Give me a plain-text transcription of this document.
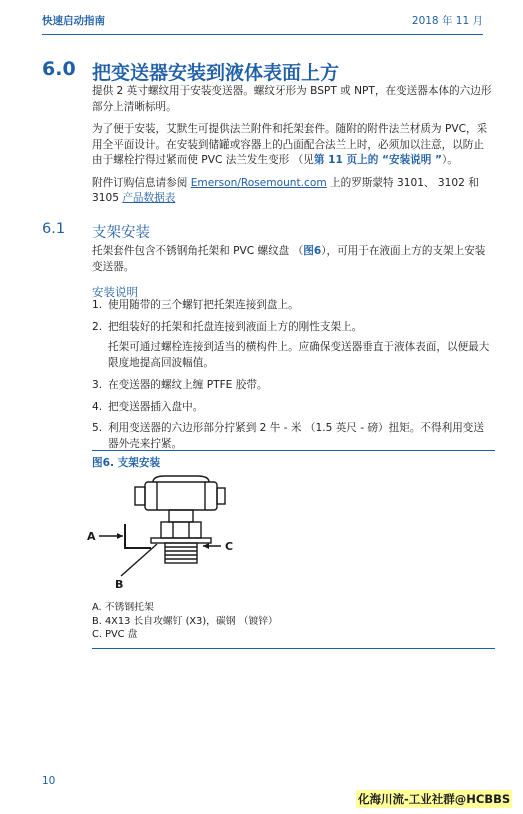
快速启动指南	2018 年 11 月
6.0 把变送器安装到液体表面上方

提供 2 英寸螺纹用于安装变送器。螺纹牙形为 BSPT 或 NPT，在变送器本体的六边形部分上清晰标明。

为了便于安装，艾默生可提供法兰附件和托架套件。随附的附件法兰材质为 PVC，采用全平面设计。在安装到储罐或容器上的凸面配合法兰上时，必须加以注意，以防止由于螺栓拧得过紧而使 PVC 法兰发生变形 （见第 11 页上的 “安装说明 ”）。

附件订购信息请参阅 Emerson/Rosemount.com 上的罗斯蒙特 3101、 3102 和 3105 产品数据表

6.1 支架安装
托架套件包含不锈钢角托架和 PVC 螺纹盘 （图6），可用于在液面上方的支架上安装变送器。
安装说明
1. 使用随带的三个螺钉把托架连接到盘上。
2. 把组装好的托架和托盘连接到液面上方的刚性支架上。
托架可通过螺栓连接到适当的横构件上。应确保变送器垂直于液体表面，以便最大限度地提高回波幅值。
3. 在变送器的螺纹上缠 PTFE 胶带。
4. 把变送器插入盘中。
5. 利用变送器的六边形部分拧紧到 2 牛 - 米 （1.5 英尺 - 磅）扭矩。不得利用变送器外壳来拧紧。
图6. 支架安装
A
B
C
A. 不锈钢托架
B. 4X13 长自攻螺钉 (X3)，碳钢 （镀锌）
C. PVC 盘
10
化海川流-工业社群@HCBBS
